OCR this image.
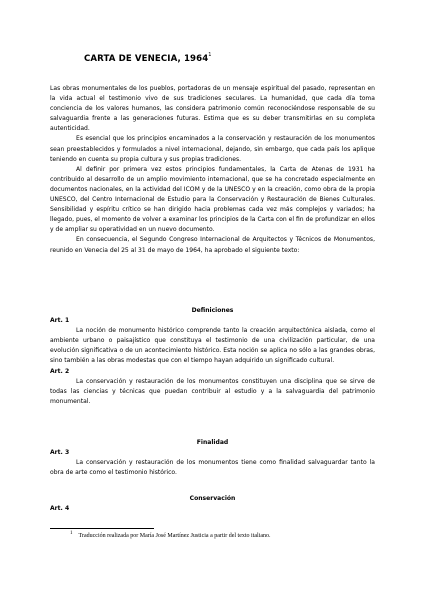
CARTA DE VENECIA, 1964$^1$

Las obras monumentales de los pueblos, portadoras de un mensaje espiritual del pasado, representan en la vida actual el testimonio vivo de sus tradiciones seculares. La humanidad, que cada día toma conciencia de los valores humanos, las considera patrimonio común reconociéndose responsable de su salvaguardia frente a las generaciones futuras. Estima que es su deber transmitirlas en su completa autenticidad.

Es esencial que los principios encaminados a la conservación y restauración de los monumentos sean preestablecidos y formulados a nivel internacional, dejando, sin embargo, que cada país los aplique teniendo en cuenta su propia cultura y sus propias tradiciones.

Al definir por primera vez estos principios fundamentales, la Carta de Atenas de 1931 ha contribuido al desarrollo de un amplio movimiento internacional, que se ha concretado especialmente en documentos nacionales, en la actividad del ICOM y de la UNESCO y en la creación, como obra de la propia UNESCO, del Centro Internacional de Estudio para la Conservación y Restauración de Bienes Culturales. Sensibilidad y espíritu crítico se han dirigido hacia problemas cada vez más complejos y variados; ha llegado, pues, el momento de volver a examinar los principios de la Carta con el fin de profundizar en ellos y de ampliar su operatividad en un nuevo documento.

En consecuencia, el Segundo Congreso Internacional de Arquitectos y Técnicos de Monumentos, reunido en Venecia del 25 al 31 de mayo de 1964, ha aprobado el siguiente texto:

Definiciones

Art. 1

La noción de monumento histórico comprende tanto la creación arquitectónica aislada, como el ambiente urbano o paisajístico que constituya el testimonio de una civilización particular, de una evolución significativa o de un acontecimiento histórico. Esta noción se aplica no sólo a las grandes obras, sino también a las obras modestas que con el tiempo hayan adquirido un significado cultural.

Art. 2

La conservación y restauración de los monumentos constituyen una disciplina que se sirve de todas las ciencias y técnicas que puedan contribuir al estudio y a la salvaguardia del patrimonio monumental.

Finalidad

Art. 3

La conservación y restauración de los monumentos tiene como finalidad salvaguardar tanto la obra de arte como el testimonio histórico.

Conservación

Art. 4

$^1$ Traducción realizada por María José Martínez Justicia a partir del texto italiano.
